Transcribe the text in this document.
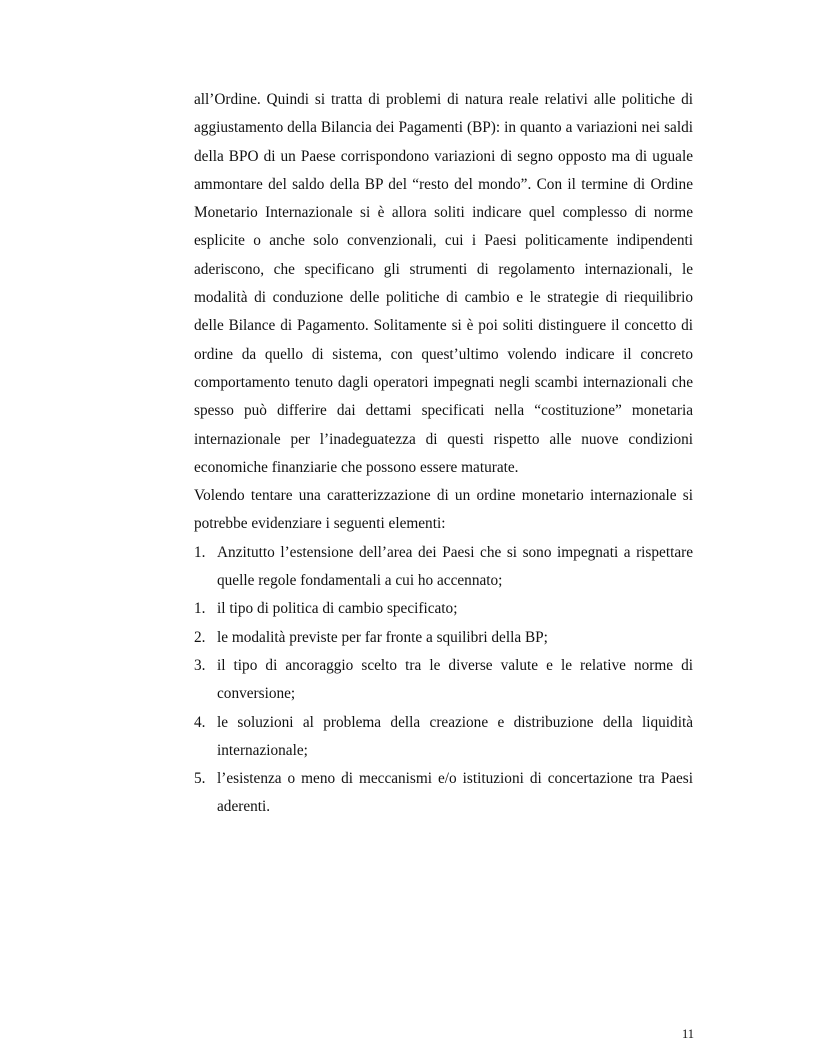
all’Ordine. Quindi si tratta di problemi di natura reale relativi alle politiche di aggiustamento della Bilancia dei Pagamenti (BP): in quanto a variazioni nei saldi della BPO di un Paese corrispondono variazioni di segno opposto ma di uguale ammontare del saldo della BP del “resto del mondo”. Con il termine di Ordine Monetario Internazionale si è allora soliti indicare quel complesso di norme esplicite o anche solo convenzionali, cui i Paesi politicamente indipendenti aderiscono, che specificano gli strumenti di regolamento internazionali, le modalità di conduzione delle politiche di cambio e le strategie di riequilibrio delle Bilance di Pagamento. Solitamente si è poi soliti distinguere il concetto di ordine da quello di sistema, con quest’ultimo volendo indicare il concreto comportamento tenuto dagli operatori impegnati negli scambi internazionali che spesso può differire dai dettami specificati nella “costituzione” monetaria internazionale per l’inadeguatezza di questi rispetto alle nuove condizioni economiche finanziarie che possono essere maturate.

Volendo tentare una caratterizzazione di un ordine monetario internazionale si potrebbe evidenziare i seguenti elementi:

1. Anzitutto l’estensione dell’area dei Paesi che si sono impegnati a rispettare quelle regole fondamentali a cui ho accennato;
1. il tipo di politica di cambio specificato;
2. le modalità previste per far fronte a squilibri della BP;
3. il tipo di ancoraggio scelto tra le diverse valute e le relative norme di conversione;
4. le soluzioni al problema della creazione e distribuzione della liquidità internazionale;
5. l’esistenza o meno di meccanismi e/o istituzioni di concertazione tra Paesi aderenti.
11
